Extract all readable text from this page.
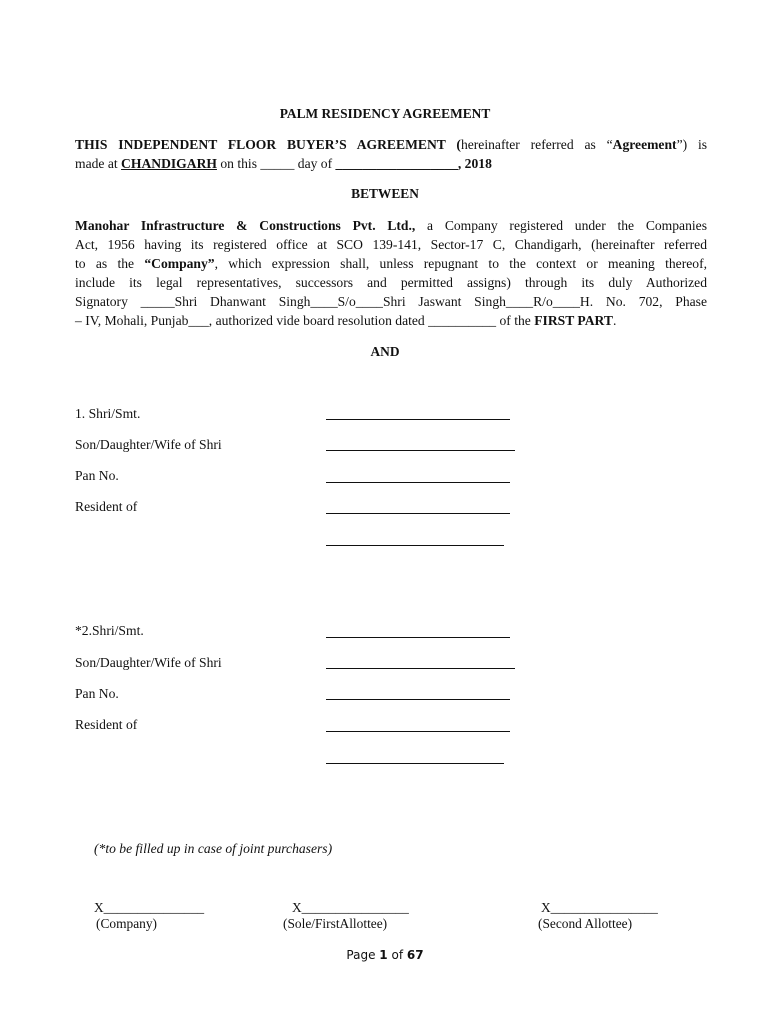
PALM RESIDENCY AGREEMENT
THIS INDEPENDENT FLOOR BUYER’S AGREEMENT (hereinafter referred as “Agreement”) is
made at CHANDIGARH on this _____ day of __________________, 2018
BETWEEN
Manohar Infrastructure & Constructions Pvt. Ltd., a Company registered under the Companies
Act, 1956 having its registered office at SCO 139-141, Sector-17 C, Chandigarh, (hereinafter referred
to as the “Company”, which expression shall, unless repugnant to the context or meaning thereof,
include its legal representatives, successors and permitted assigns) through its duly Authorized
Signatory _____Shri Dhanwant Singh____S/o____Shri Jaswant Singh____R/o____H. No. 702, Phase
– IV, Mohali, Punjab___, authorized vide board resolution dated __________ of the FIRST PART.
AND
1. Shri/Smt.
Son/Daughter/Wife of Shri
Pan No.
Resident of
*2.Shri/Smt.
Son/Daughter/Wife of Shri
Pan No.
Resident of
(*to be filled up in case of joint purchasers)
X_______________
(Company)
X________________
(Sole/FirstAllottee)
X________________
(Second Allottee)
Page 1 of 67
